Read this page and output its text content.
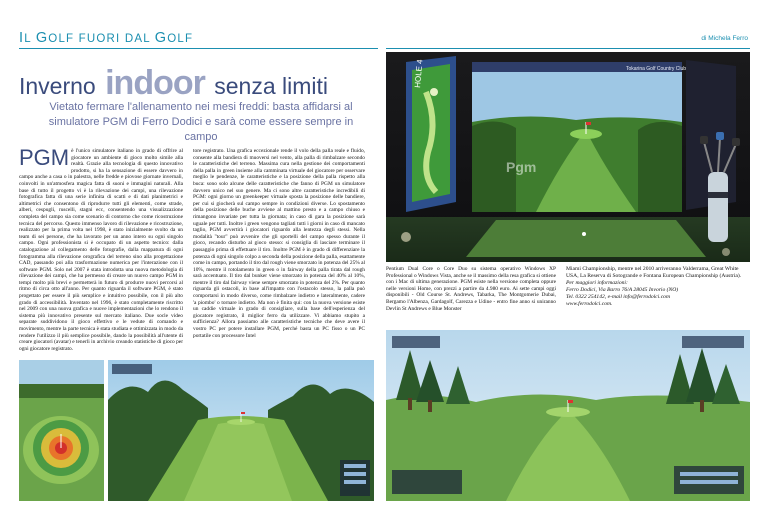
IL GOLF FUORI DAL GOLF	di Michela Ferro
Inverno indoor senza limiti
Vietato fermare l'allenamento nei mesi freddi: basta affidarsi al simulatore PGM di Ferro Dodici e sarà come essere sempre in campo
PGM è l'unico simulatore italiano in grado di offrire al giocatore un ambiente di gioco molto simile alla realtà. Grazie alla tecnologia di questo innovativo prodotto, si ha la sensazione di essere davvero in campo anche a casa o in palestra, nelle fredde e piovose giornate invernali, coinvolti in un'atmosfera magica fatta di suoni e immagini naturali. Alla base di tutto il progetto vi è la rilevazione dei campi, una rilevazione fotografica fatta di una serie infinita di scatti e di dati planimetrici e altimetrici che consentono di riprodurre tutti gli elementi, come strade, alberi, cespugli, ruscelli, stagni ecc, consentendo una visualizzazione completa del campo sia come scenario di contorno che come ricostruzione tecnica del percorso. Questo immenso lavoro di rilevazione e ricostruzione, realizzato per la prima volta nel 1998, è stato inizialmente svolto da un team di sei persone, che ha lavorato per un anno intero su ogni singolo campo. Ogni professionista si è occupato di un aspetto tecnico: dalla catalogazione al collegamento delle fotografie, dalla mappatura di ogni fotogramma alla rilevazione orografica del terreno sino alla progettazione CAD, passando poi alla trasformazione numerica per l'interazione con il software PGM. Solo nel 2007 è stata introdotta una nuova metodologia di rilevazione dei campi, che ha permesso di creare un nuovo campo PGM in tempi molto più brevi e permetterà in futuro di produrre nuovi percorsi al ritmo di circa otto all'anno. Per quanto riguarda il software PGM, è stato progettato per essere il più semplice e intuitivo possibile, con il più alto grado di accessibilità. Inventato nel 1996, è stato completamente riscritto nel 2009 con una nuova grafica e nuove implementazioni che lo rendono il sistema più innovativo presente sul mercato italiano. Due socle video separate suddividono il gioco effettivo e le vedute di comando e movimento, mentre la parte tecnica è stata studiata e ottimizzata in modo da rendere l'utilizzo il più semplice possibile, dando la possibilità all'utente di creare giocatori (avatar) e tenerli in archivio creando statistiche di gioco per ogni giocatore registrato.
tore registrato. Una grafica eccezionale rende il volo della palla reale e fluido, consente alla bandiera di muoversi nel vento, alla palla di rimbalzare secondo le caratteristiche del terreno. Massima cura nella gestione dei comportamenti della palla in green insieme alla camminata virtuale del giocatore per osservare meglio le pendenze, le caratteristiche e la posizione della palla rispetto alla buca: sono solo alcune delle caratteristiche che fanno di PGM un simulatore davvero unico nel suo genere. Ma ci sono altre caratteristiche incredibili di PGM: ogni giorno un greenkeeper virtuale sposta la posizione delle bandiere, per cui si giocherà sul campo sempre in condizioni diverse. Lo spostamento della posizione delle buche avviene al mattino presto e a campo chiuso e rimangono invariate per tutta la giornata; in caso di gara la posizione sarà uguale per tutti. Inoltre i green vengono tagliati tutti i giorni in caso di mancato taglio, PGM avvertirà i giocatori riguardo alla lentezza degli stessi. Nella modalità "tour" può avvenire che gli sportelli del campo spesso durante il gioco, recando disturbo al gioco stesso: si consiglia di lasciare terminare il passaggio prima di effettuare il tiro. Inoltre PGM è in grado di differenziare la potenza di ogni singolo colpo a seconda della posizione della palla, esattamente come in campo, portando il tiro dal rough viene smorzato in potenza del 25% al 10%, mentre il rotolamento in green o in fairway della palla tirata dal rough sarà accentuato. Il tiro dal bunker viene smorzato in potenza del 40% al 10%, mentre il tiro dal fairway viene sempre smorzato in potenza del 2%. Per quanto riguarda gli ostacoli, in base all'impatto con l'ostacolo stesso, la palla può comportarsi in modo diverso, come rimbalzare indietro e lateralmente, cadere 'a piombo' o tornare indietro. Ma non è finita qui: con la nuova versione esiste un caddie virtuale in grado di consigliare, sulla base dell'esperienza del giocatore registrato, il miglior ferro da utilizzare. Vi abbiamo stupito a sufficienza? Allora passiamo alle caratteristiche tecniche che deve avere il vostro PC per potere installare PGM, perché basta un PC fisso o un PC portatile con processore Intel
HOLE 4	Tokarina Golf Country Club
Pgm
Pentium Dual Core o Core Duo su sistema operativo Windows XP Professional o Windows Vista, anche se il massimo della resa grafica si ottiene con i Mac di ultima generazione. PGM esiste nella versione completa oppure nelle versioni Home, con prezzi a partire da 4.980 euro. Ai sette campi oggi disponibili - Old Course St. Andrews, Tabarka, The Montgomerie Dubai, Bergamo l'Albenza, Gardagolf, Carezza e Udine - entro fine anno si uniranno Devlin St Andrews e Blue Monster
Miami Championship, mentre nel 2010 arriveranno Valderrama, Great White USA, La Reserva di Sotogrande e Fontana European Championship (Austria).
Per maggiori informazioni:
Ferro Dodici, Via Barro 76/A 28045 Invorio (NO)
Tel. 0322 254142, e-mail info@ferrodolci.com
www.ferrodolci.com.
